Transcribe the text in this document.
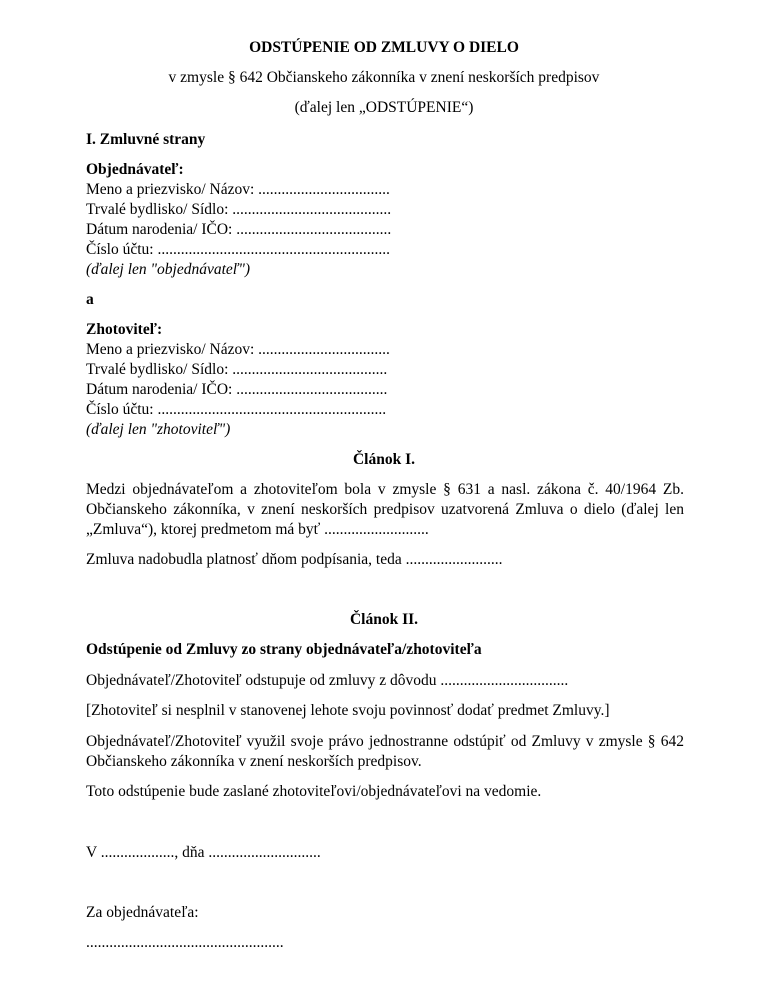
ODSTÚPENIE OD ZMLUVY O DIELO
v zmysle § 642 Občianskeho zákonníka v znení neskorších predpisov
(ďalej len „ODSTÚPENIE“)
I. Zmluvné strany
Objednávateľ:
Meno a priezvisko/ Názov: ..................................
Trvalé bydlisko/ Sídlo: .........................................
Dátum narodenia/ IČO: ........................................
Číslo účtu: ............................................................
(ďalej len "objednávateľ")
a
Zhotoviteľ:
Meno a priezvisko/ Názov: ..................................
Trvalé bydlisko/ Sídlo: ........................................
Dátum narodenia/ IČO: .......................................
Číslo účtu: ...........................................................
(ďalej len "zhotoviteľ")
Článok I.
Medzi objednávateľom a zhotoviteľom bola v zmysle § 631 a nasl. zákona č. 40/1964 Zb.
Občianskeho zákonníka, v znení neskorších predpisov uzatvorená Zmluva o dielo (ďalej len
„Zmluva“), ktorej predmetom má byť ...........................
Zmluva nadobudla platnosť dňom podpísania, teda .........................
Článok II.
Odstúpenie od Zmluvy zo strany objednávateľa/zhotoviteľa
Objednávateľ/Zhotoviteľ odstupuje od zmluvy z dôvodu .................................
[Zhotoviteľ si nesplnil v stanovenej lehote svoju povinnosť dodať predmet Zmluvy.]
Objednávateľ/Zhotoviteľ využil svoje právo jednostranne odstúpiť od Zmluvy v zmysle § 642
Občianskeho zákonníka v znení neskorších predpisov.
Toto odstúpenie bude zaslané zhotoviteľovi/objednávateľovi na vedomie.
V ..................., dňa .............................
Za objednávateľa:
...................................................
